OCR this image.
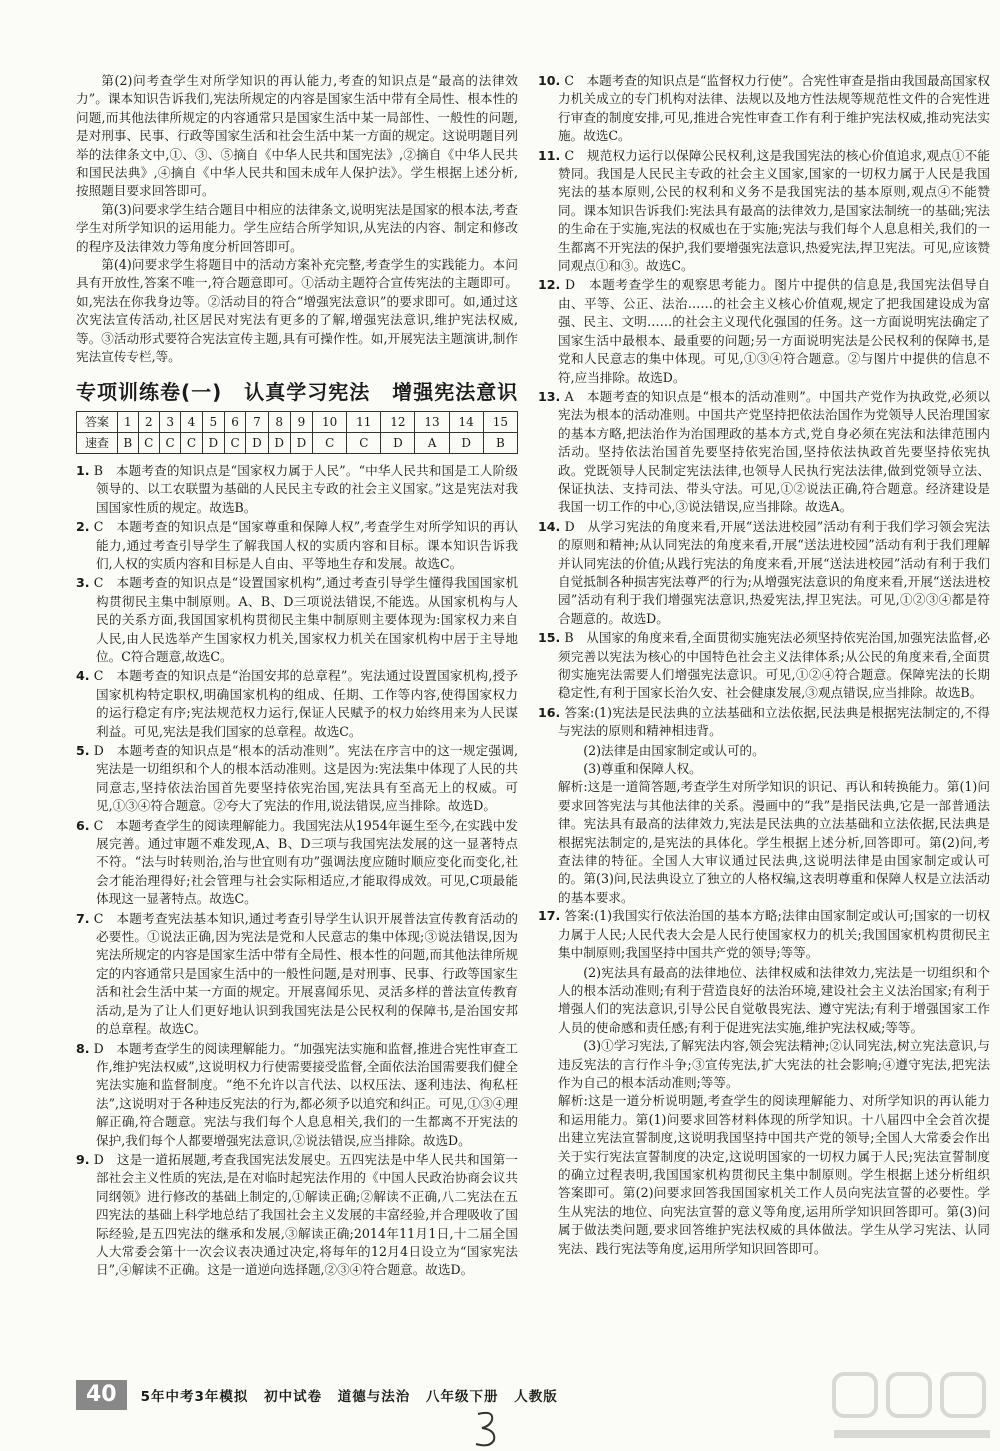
第(2)问考查学生对所学知识的再认能力,考查的知识点是“最高的法律效力”。课本知识告诉我们,宪法所规定的内容是国家生活中带有全局性、根本性的问题,而其他法律所规定的内容通常只是国家生活中某一局部性、一般性的问题,是对刑事、民事、行政等国家生活和社会生活中某一方面的规定。这说明题目列举的法律条文中,①、③、⑤摘自《中华人民共和国宪法》,②摘自《中华人民共和国民法典》,④摘自《中华人民共和国未成年人保护法》。学生根据上述分析,按照题目要求回答即可。

第(3)问要求学生结合题目中相应的法律条文,说明宪法是国家的根本法,考查学生对所学知识的运用能力。学生应结合所学知识,从宪法的内容、制定和修改的程序及法律效力等角度分析回答即可。

第(4)问要求学生将题目中的活动方案补充完整,考查学生的实践能力。本问具有开放性,答案不唯一,符合题意即可。①活动主题符合宣传宪法的主题即可。如,宪法在你我身边等。②活动目的符合“增强宪法意识”的要求即可。如,通过这次宪法宣传活动,社区居民对宪法有更多的了解,增强宪法意识,维护宪法权威,等。③活动形式要符合宪法宣传主题,具有可操作性。如,开展宪法主题演讲,制作宪法宣传专栏,等。

专项训练卷(一) 认真学习宪法 增强宪法意识
答案	1	2	3	4	5	6	7	8	9	10	11	12	13	14	15
速查	B	C	C	C	D	C	D	D	D	C	C	D	A	D	B

1. B　本题考查的知识点是“国家权力属于人民”。“中华人民共和国是工人阶级领导的、以工农联盟为基础的人民民主专政的社会主义国家。”这是宪法对我国国家性质的规定。故选B。

2. C　本题考查的知识点是“国家尊重和保障人权”,考查学生对所学知识的再认能力,通过考查引导学生了解我国人权的实质内容和目标。课本知识告诉我们,人权的实质内容和目标是人自由、平等地生存和发展。故选C。

3. C　本题考查的知识点是“设置国家机构”,通过考查引导学生懂得我国国家机构贯彻民主集中制原则。A、B、D三项说法错误,不能选。从国家机构与人民的关系方面,我国国家机构贯彻民主集中制原则主要体现为:国家权力来自人民,由人民选举产生国家权力机关,国家权力机关在国家机构中居于主导地位。C符合题意,故选C。

4. C　本题考查的知识点是“治国安邦的总章程”。宪法通过设置国家机构,授予国家机构特定职权,明确国家机构的组成、任期、工作等内容,使得国家权力的运行稳定有序;宪法规范权力运行,保证人民赋予的权力始终用来为人民谋利益。可见,宪法是我们国家的总章程。故选C。

5. D　本题考查的知识点是“根本的活动准则”。宪法在序言中的这一规定强调,宪法是一切组织和个人的根本活动准则。这是因为:宪法集中体现了人民的共同意志,坚持依法治国首先要坚持依宪治国,宪法具有至高无上的权威。可见,①③④符合题意。②夸大了宪法的作用,说法错误,应当排除。故选D。

6. C　本题考查学生的阅读理解能力。我国宪法从1954年诞生至今,在实践中发展完善。通过审题不难发现,A、B、D三项与我国宪法发展的这一显著特点不符。“法与时转则治,治与世宜则有功”强调法度应随时顺应变化而变化,社会才能治理得好;社会管理与社会实际相适应,才能取得成效。可见,C项最能体现这一显著特点。故选C。

7. C　本题考查宪法基本知识,通过考查引导学生认识开展普法宣传教育活动的必要性。①说法正确,因为宪法是党和人民意志的集中体现;③说法错误,因为宪法所规定的内容是国家生活中带有全局性、根本性的问题,而其他法律所规定的内容通常只是国家生活中的一般性问题,是对刑事、民事、行政等国家生活和社会生活中某一方面的规定。开展喜闻乐见、灵活多样的普法宣传教育活动,是为了让人们更好地认识到我国宪法是公民权利的保障书,是治国安邦的总章程。故选C。

8. D　本题考查学生的阅读理解能力。“加强宪法实施和监督,推进合宪性审查工作,维护宪法权威”,这说明权力行使需要接受监督,全面依法治国需要我们健全宪法实施和监督制度。“绝不允许以言代法、以权压法、逐利违法、徇私枉法”,这说明对于各种违反宪法的行为,都必须予以追究和纠正。可见,①③④理解正确,符合题意。宪法与我们每个人息息相关,我们的一生都离不开宪法的保护,我们每个人都要增强宪法意识,②说法错误,应当排除。故选D。

9. D　这是一道拓展题,考查我国宪法发展史。五四宪法是中华人民共和国第一部社会主义性质的宪法,是在对临时起宪法作用的《中国人民政治协商会议共同纲领》进行修改的基础上制定的,①解读正确;②解读不正确,八二宪法在五四宪法的基础上科学地总结了我国社会主义发展的丰富经验,并合理吸收了国际经验,是五四宪法的继承和发展,③解读正确;2014年11月1日,十二届全国人大常委会第十一次会议表决通过决定,将每年的12月4日设立为“国家宪法日”,④解读不正确。这是一道逆向选择题,②③④符合题意。故选D。

10. C　本题考查的知识点是“监督权力行使”。合宪性审查是指由我国最高国家权力机关成立的专门机构对法律、法规以及地方性法规等规范性文件的合宪性进行审查的制度安排,可见,推进合宪性审查工作有利于维护宪法权威,推动宪法实施。故选C。

11. C　规范权力运行以保障公民权利,这是我国宪法的核心价值追求,观点①不能赞同。我国是人民民主专政的社会主义国家,国家的一切权力属于人民是我国宪法的基本原则,公民的权利和义务不是我国宪法的基本原则,观点④不能赞同。课本知识告诉我们:宪法具有最高的法律效力,是国家法制统一的基础;宪法的生命在于实施,宪法的权威也在于实施;宪法与我们每个人息息相关,我们的一生都离不开宪法的保护,我们要增强宪法意识,热爱宪法,捍卫宪法。可见,应该赞同观点①和③。故选C。

12. D　本题考查学生的观察思考能力。图片中提供的信息是,我国宪法倡导自由、平等、公正、法治……的社会主义核心价值观,规定了把我国建设成为富强、民主、文明……的社会主义现代化强国的任务。这一方面说明宪法确定了国家生活中最根本、最重要的问题;另一方面说明宪法是公民权利的保障书,是党和人民意志的集中体现。可见,①③④符合题意。②与图片中提供的信息不符,应当排除。故选D。

13. A　本题考查的知识点是“根本的活动准则”。中国共产党作为执政党,必须以宪法为根本的活动准则。中国共产党坚持把依法治国作为党领导人民治理国家的基本方略,把法治作为治国理政的基本方式,党自身必须在宪法和法律范围内活动。坚持依法治国首先要坚持依宪治国,坚持依法执政首先要坚持依宪执政。党既领导人民制定宪法法律,也领导人民执行宪法法律,做到党领导立法、保证执法、支持司法、带头守法。可见,①②说法正确,符合题意。经济建设是我国一切工作的中心,③说法错误,应当排除。故选A。

14. D　从学习宪法的角度来看,开展“送法进校园”活动有利于我们学习领会宪法的原则和精神;从认同宪法的角度来看,开展“送法进校园”活动有利于我们理解并认同宪法的价值;从践行宪法的角度来看,开展“送法进校园”活动有利于我们自觉抵制各种损害宪法尊严的行为;从增强宪法意识的角度来看,开展“送法进校园”活动有利于我们增强宪法意识,热爱宪法,捍卫宪法。可见,①②③④都是符合题意的。故选D。

15. B　从国家的角度来看,全面贯彻实施宪法必须坚持依宪治国,加强宪法监督,必须完善以宪法为核心的中国特色社会主义法律体系;从公民的角度来看,全面贯彻实施宪法需要人们增强宪法意识。可见,①②④符合题意。保障宪法的长期稳定性,有利于国家长治久安、社会健康发展,③观点错误,应当排除。故选B。

16. 答案:(1)宪法是民法典的立法基础和立法依据,民法典是根据宪法制定的,不得与宪法的原则和精神相违背。

(2)法律是由国家制定或认可的。

(3)尊重和保障人权。

解析:这是一道简答题,考查学生对所学知识的识记、再认和转换能力。第(1)问要求回答宪法与其他法律的关系。漫画中的“我”是指民法典,它是一部普通法律。宪法具有最高的法律效力,宪法是民法典的立法基础和立法依据,民法典是根据宪法制定的,是宪法的具体化。学生根据上述分析,回答即可。第(2)问,考查法律的特征。全国人大审议通过民法典,这说明法律是由国家制定或认可的。第(3)问,民法典设立了独立的人格权编,这表明尊重和保障人权是立法活动的基本要求。

17. 答案:(1)我国实行依法治国的基本方略;法律由国家制定或认可;国家的一切权力属于人民;人民代表大会是人民行使国家权力的机关;我国国家机构贯彻民主集中制原则;我国坚持中国共产党的领导;等等。

(2)宪法具有最高的法律地位、法律权威和法律效力,宪法是一切组织和个人的根本活动准则;有利于营造良好的法治环境,建设社会主义法治国家;有利于增强人们的宪法意识,引导公民自觉敬畏宪法、遵守宪法;有利于增强国家工作人员的使命感和责任感;有利于促进宪法实施,维护宪法权威;等等。

(3)①学习宪法,了解宪法内容,领会宪法精神;②认同宪法,树立宪法意识,与违反宪法的言行作斗争;③宣传宪法,扩大宪法的社会影响;④遵守宪法,把宪法作为自己的根本活动准则;等等。

解析:这是一道分析说明题,考查学生的阅读理解能力、对所学知识的再认能力和运用能力。第(1)问要求回答材料体现的所学知识。十八届四中全会首次提出建立宪法宣誓制度,这说明我国坚持中国共产党的领导;全国人大常委会作出关于实行宪法宣誓制度的决定,这说明国家的一切权力属于人民;宪法宣誓制度的确立过程表明,我国国家机构贯彻民主集中制原则。学生根据上述分析组织答案即可。第(2)问要求回答我国国家机关工作人员向宪法宣誓的必要性。学生从宪法的地位、向宪法宣誓的意义等角度,运用所学知识回答即可。第(3)问属于做法类问题,要求回答维护宪法权威的具体做法。学生从学习宪法、认同宪法、践行宪法等角度,运用所学知识回答即可。

40	5年中考3年模拟 初中试卷 道德与法治 八年级下册 人教版
